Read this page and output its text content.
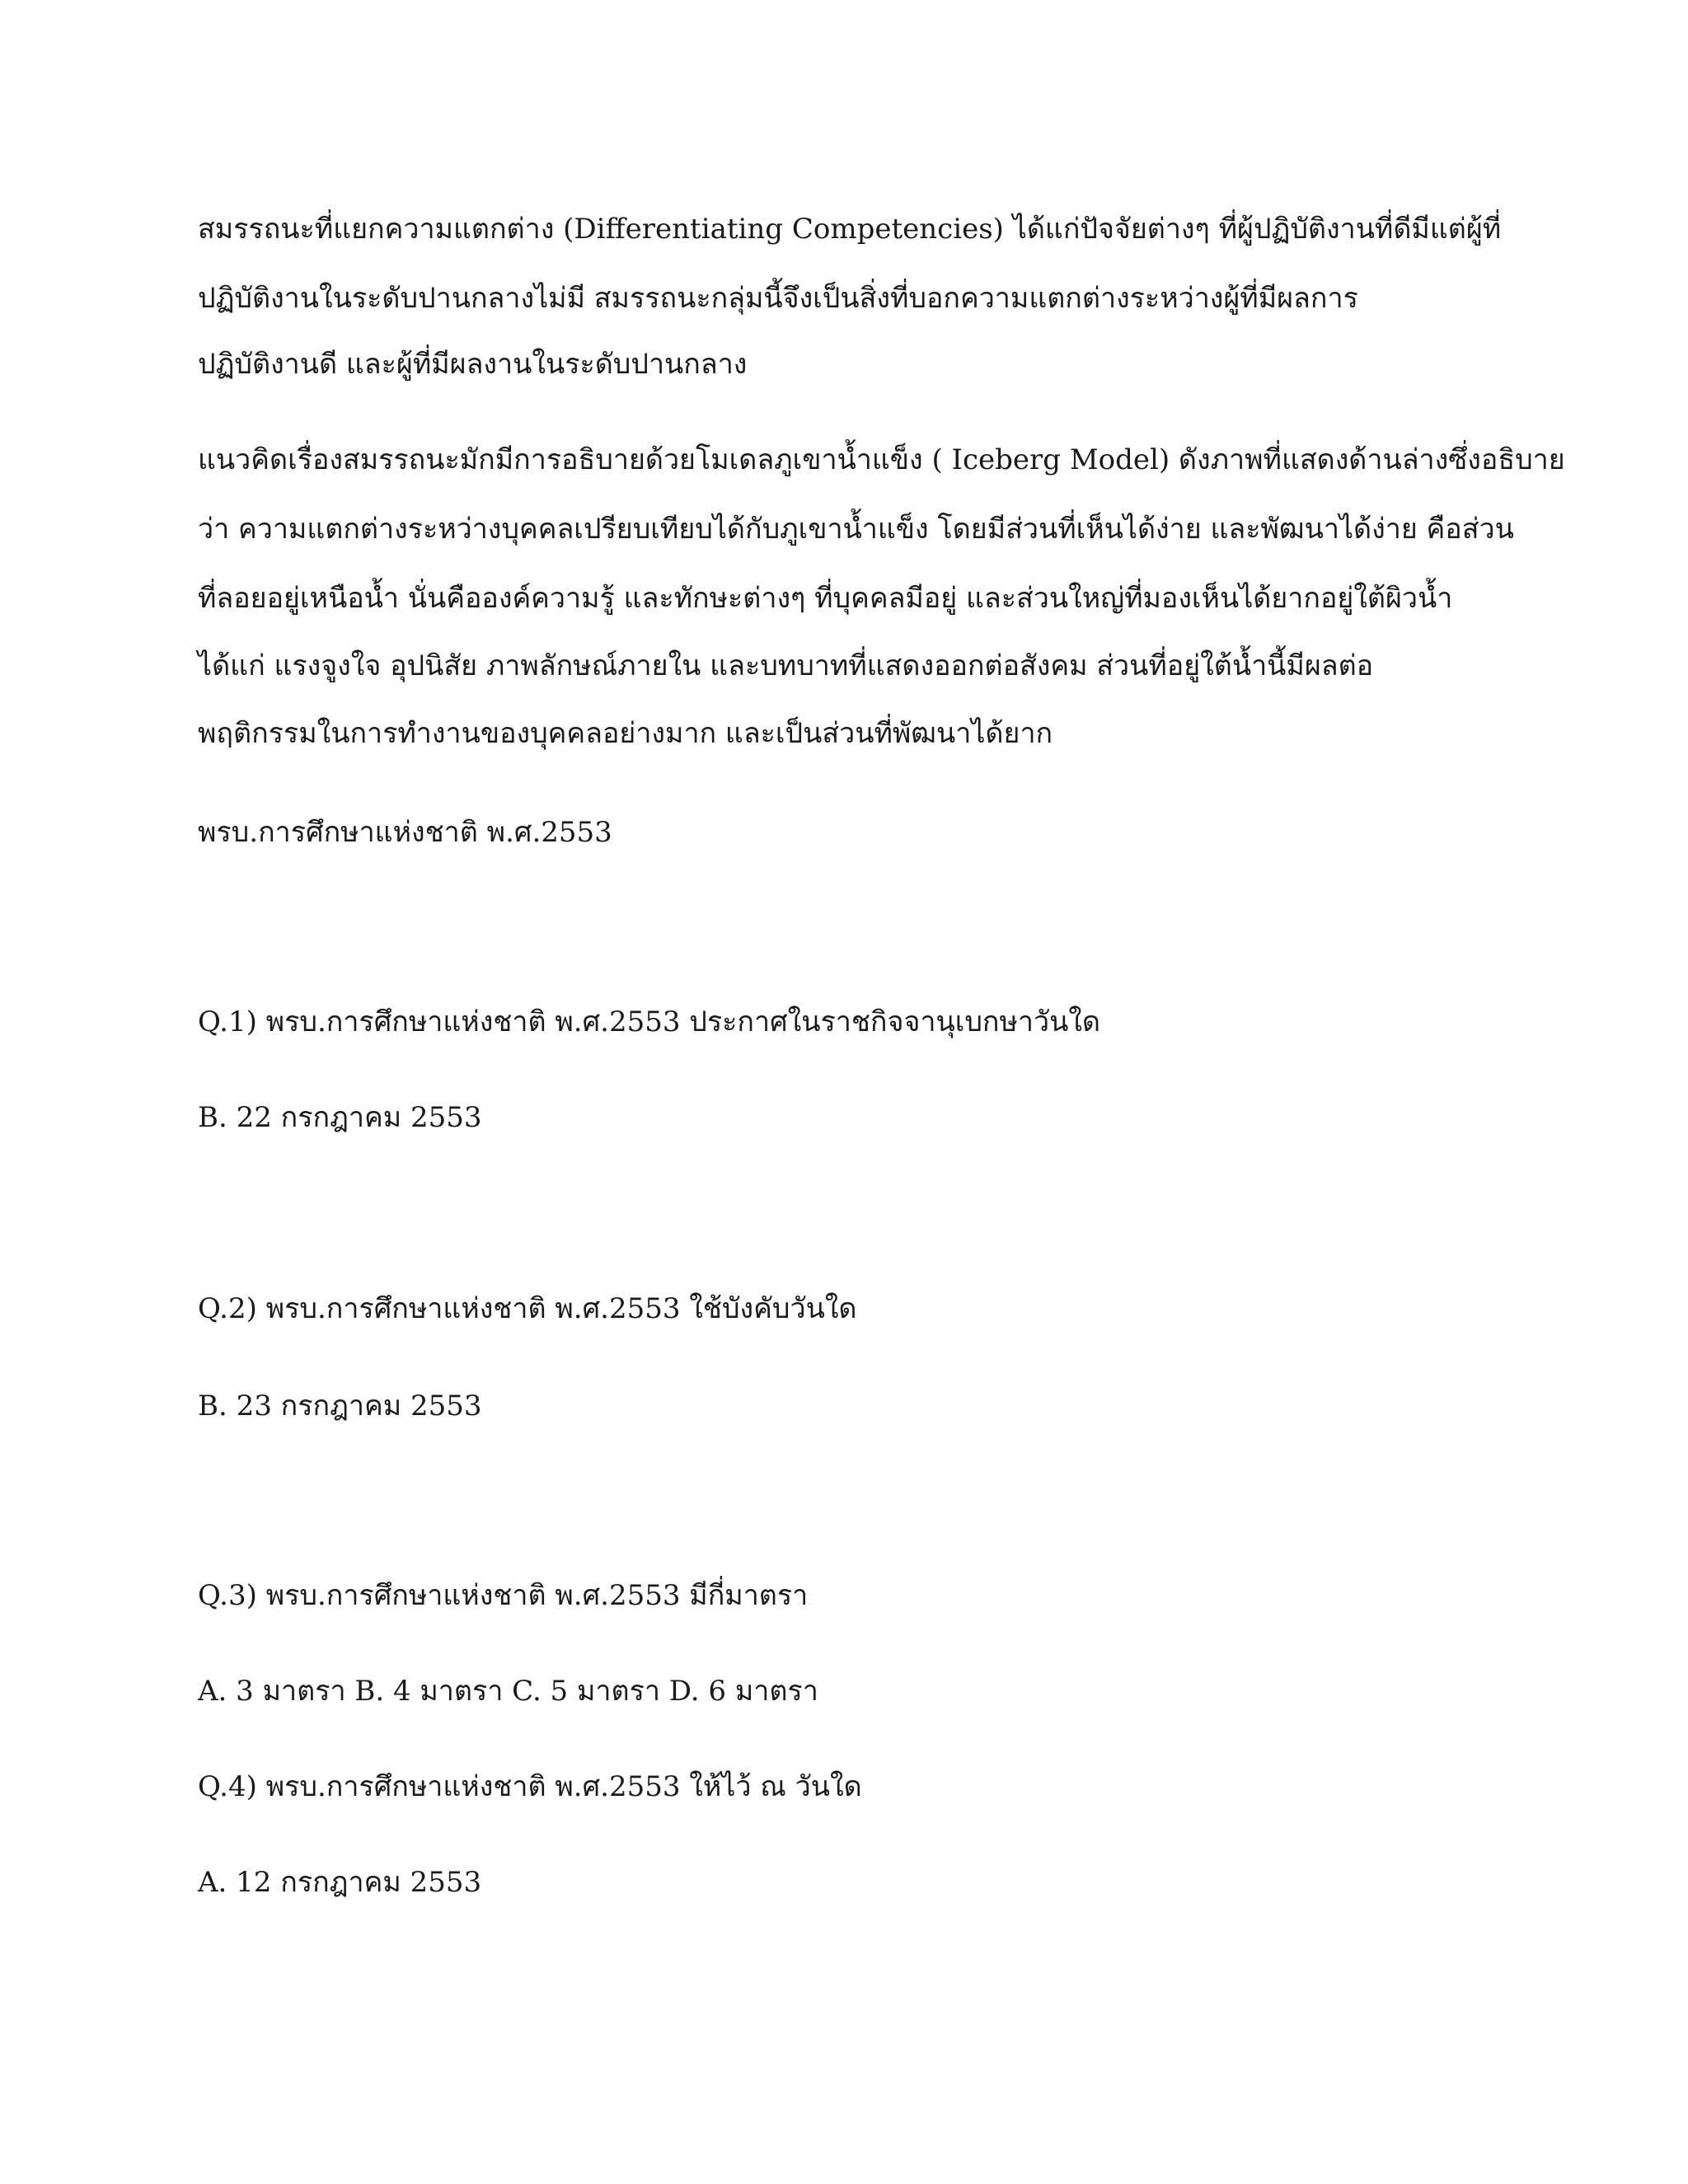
สมรรถนะที่แยกความแตกต่าง (Differentiating Competencies) ได้แก่ปัจจัยต่างๆ ที่ผู้ปฏิบัติงานที่ดีมีแต่ผู้ที่
ปฏิบัติงานในระดับปานกลางไม่มี สมรรถนะกลุ่มนี้จึงเป็นสิ่งที่บอกความแตกต่างระหว่างผู้ที่มีผลการ
ปฏิบัติงานดี และผู้ที่มีผลงานในระดับปานกลาง
แนวคิดเรื่องสมรรถนะมักมีการอธิบายด้วยโมเดลภูเขาน้ำแข็ง ( Iceberg Model) ดังภาพที่แสดงด้านล่างซึ่งอธิบาย
ว่า ความแตกต่างระหว่างบุคคลเปรียบเทียบได้กับภูเขาน้ำแข็ง โดยมีส่วนที่เห็นได้ง่าย และพัฒนาได้ง่าย คือส่วน
ที่ลอยอยู่เหนือน้ำ นั่นคือองค์ความรู้ และทักษะต่างๆ ที่บุคคลมีอยู่ และส่วนใหญ่ที่มองเห็นได้ยากอยู่ใต้ผิวน้ำ
ได้แก่ แรงจูงใจ อุปนิสัย ภาพลักษณ์ภายใน และบทบาทที่แสดงออกต่อสังคม ส่วนที่อยู่ใต้น้ำนี้มีผลต่อ
พฤติกรรมในการทำงานของบุคคลอย่างมาก และเป็นส่วนที่พัฒนาได้ยาก
พรบ.การศึกษาแห่งชาติ พ.ศ.2553
Q.1) พรบ.การศึกษาแห่งชาติ พ.ศ.2553 ประกาศในราชกิจจานุเบกษาวันใด
B. 22 กรกฎาคม 2553
Q.2) พรบ.การศึกษาแห่งชาติ พ.ศ.2553 ใช้บังคับวันใด
B. 23 กรกฎาคม 2553
Q.3) พรบ.การศึกษาแห่งชาติ พ.ศ.2553 มีกี่มาตรา
A. 3 มาตรา B. 4 มาตรา C. 5 มาตรา D. 6 มาตรา
Q.4) พรบ.การศึกษาแห่งชาติ พ.ศ.2553 ให้ไว้ ณ วันใด
A. 12 กรกฎาคม 2553
